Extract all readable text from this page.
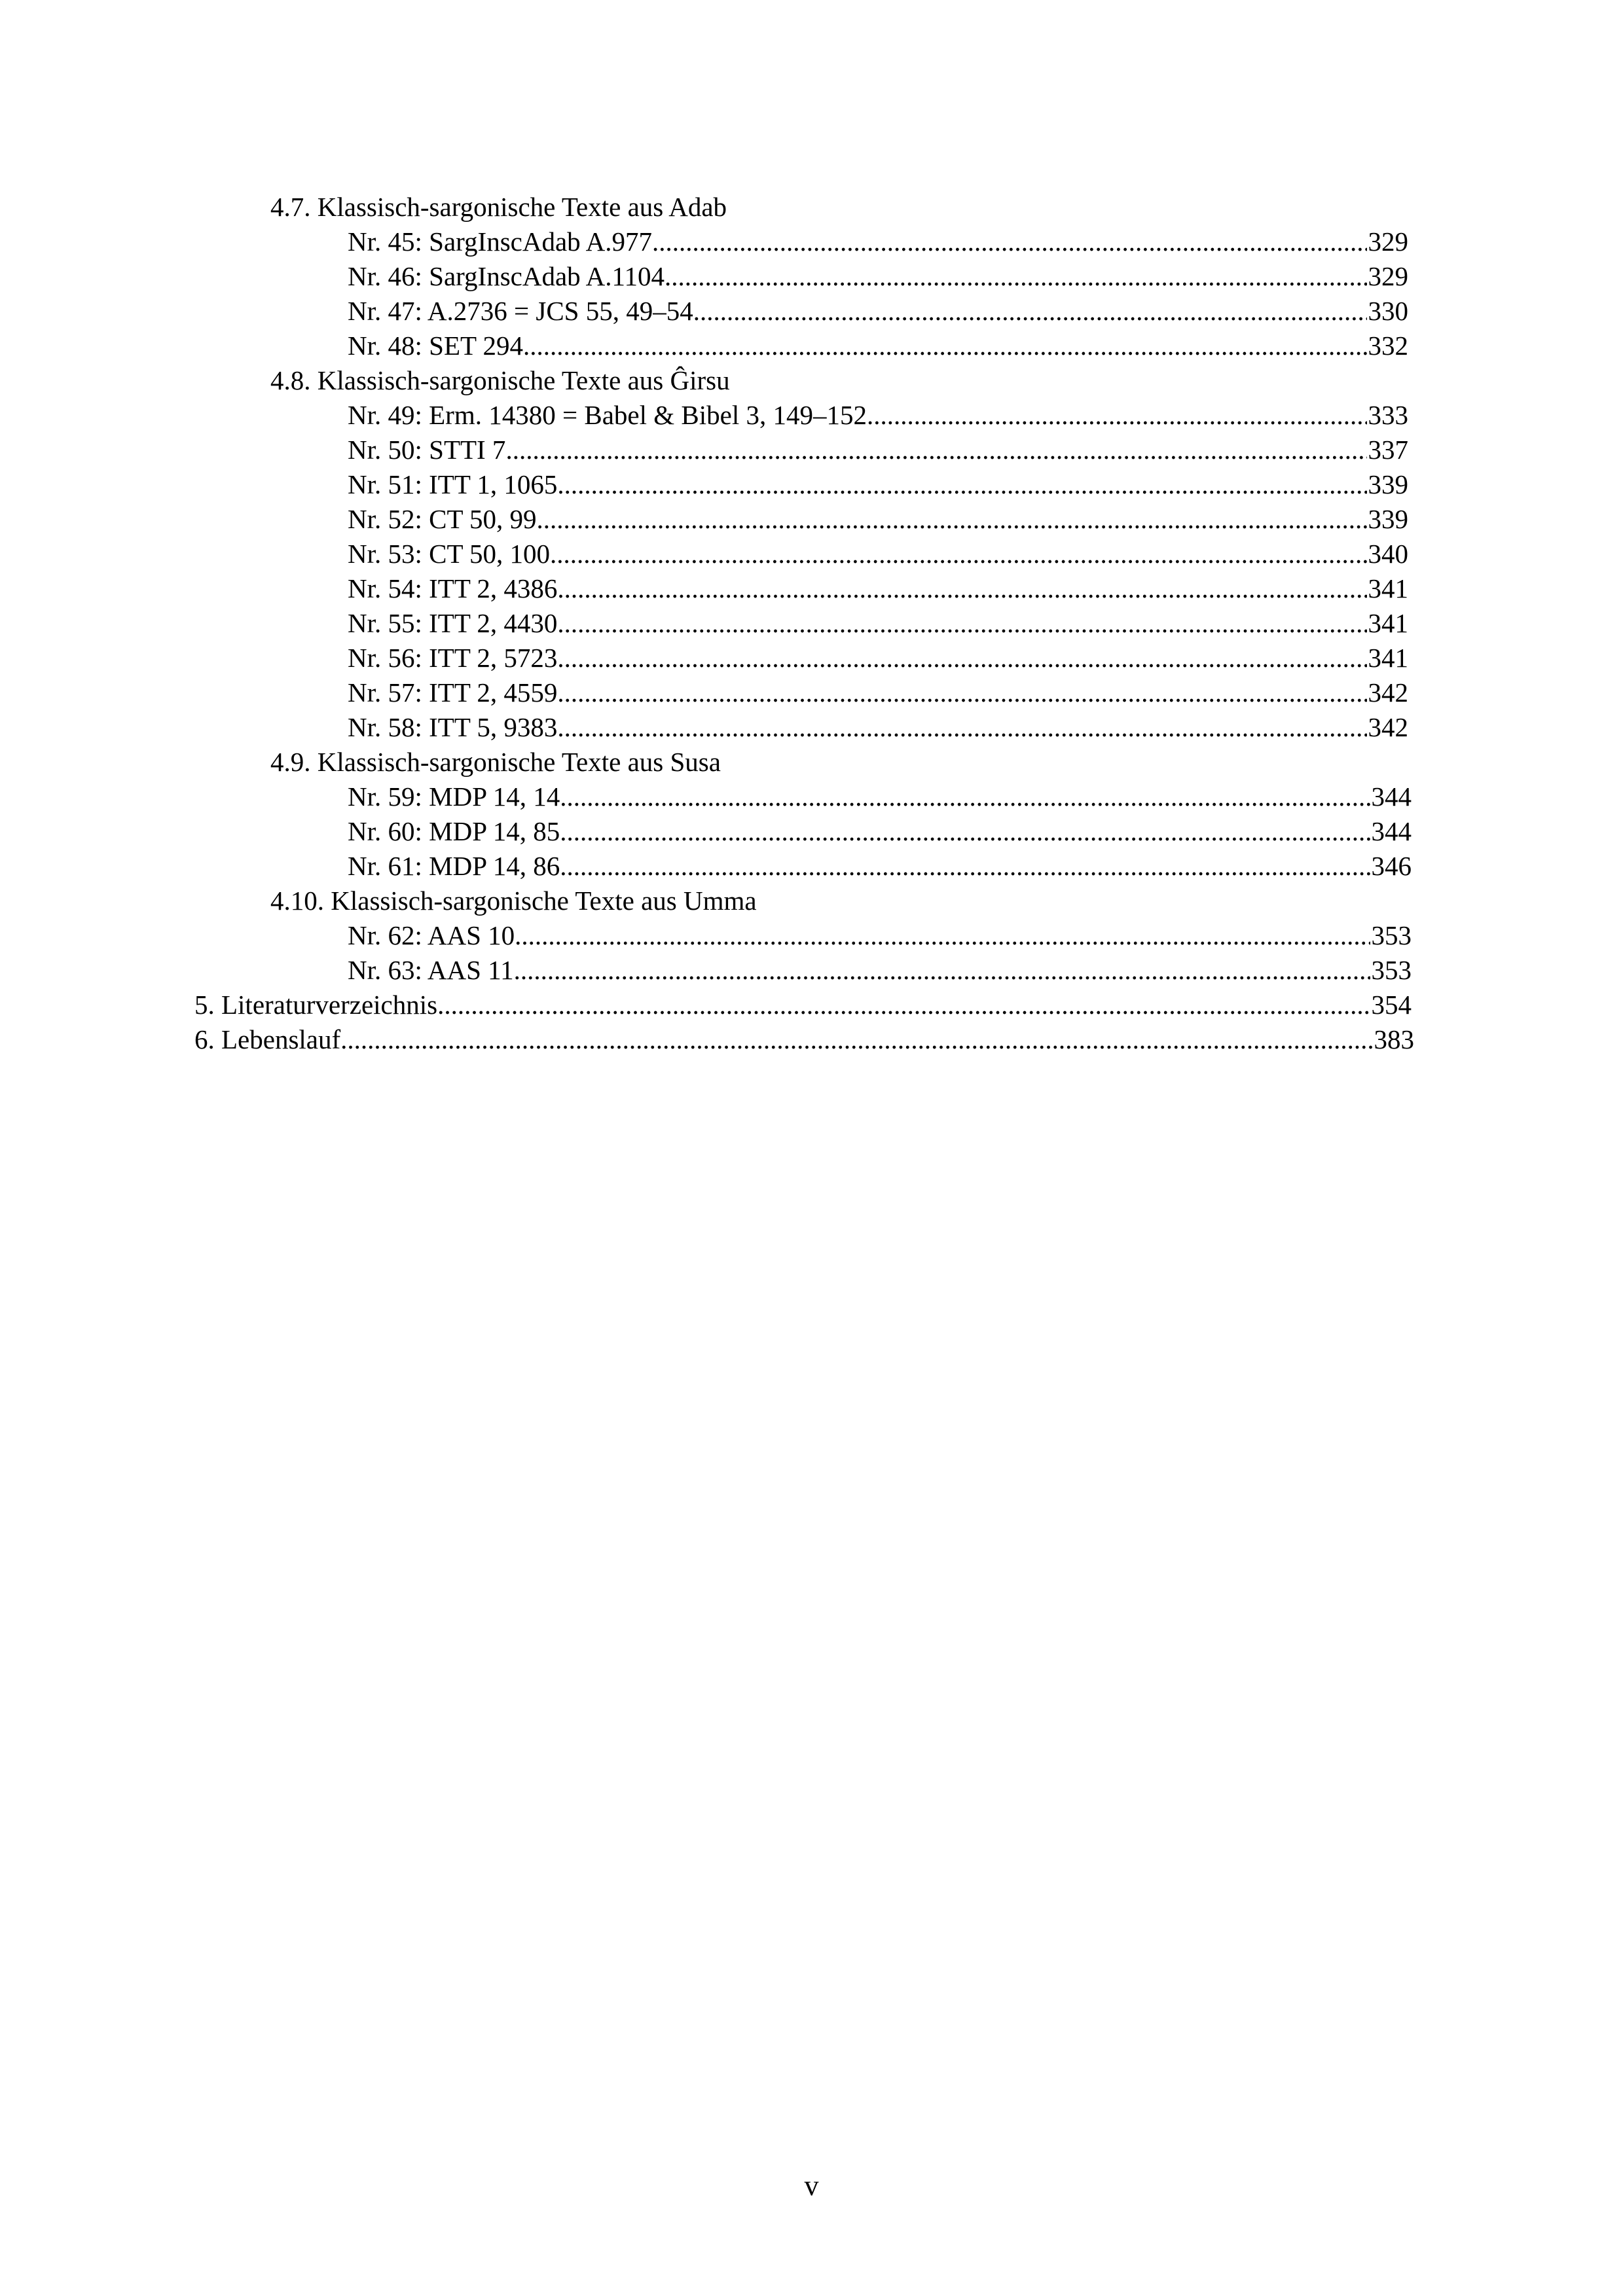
4.7. Klassisch-sargonische Texte aus Adab
Nr. 45: SargInscAdab A.977 .....	329
Nr. 46: SargInscAdab A.1104 .....	329
Nr. 47: A.2736 = JCS 55, 49–54 .....	330
Nr. 48: SET 294 .....	332
4.8. Klassisch-sargonische Texte aus Ĝirsu
Nr. 49: Erm. 14380 = Babel & Bibel 3, 149–152 .....	333
Nr. 50: STTI 7 .....	337
Nr. 51: ITT 1, 1065 .....	339
Nr. 52: CT 50, 99 .....	339
Nr. 53: CT 50, 100 .....	340
Nr. 54: ITT 2, 4386 .....	341
Nr. 55: ITT 2, 4430 .....	341
Nr. 56: ITT 2, 5723 .....	341
Nr. 57: ITT 2, 4559 .....	342
Nr. 58: ITT 5, 9383 .....	342
4.9. Klassisch-sargonische Texte aus Susa
Nr. 59: MDP 14, 14 .....	344
Nr. 60: MDP 14, 85 .....	344
Nr. 61: MDP 14, 86 .....	346
4.10. Klassisch-sargonische Texte aus Umma
Nr. 62: AAS 10 .....	353
Nr. 63: AAS 11 .....	353
5. Literaturverzeichnis .....	354
6. Lebenslauf .....	383
v
